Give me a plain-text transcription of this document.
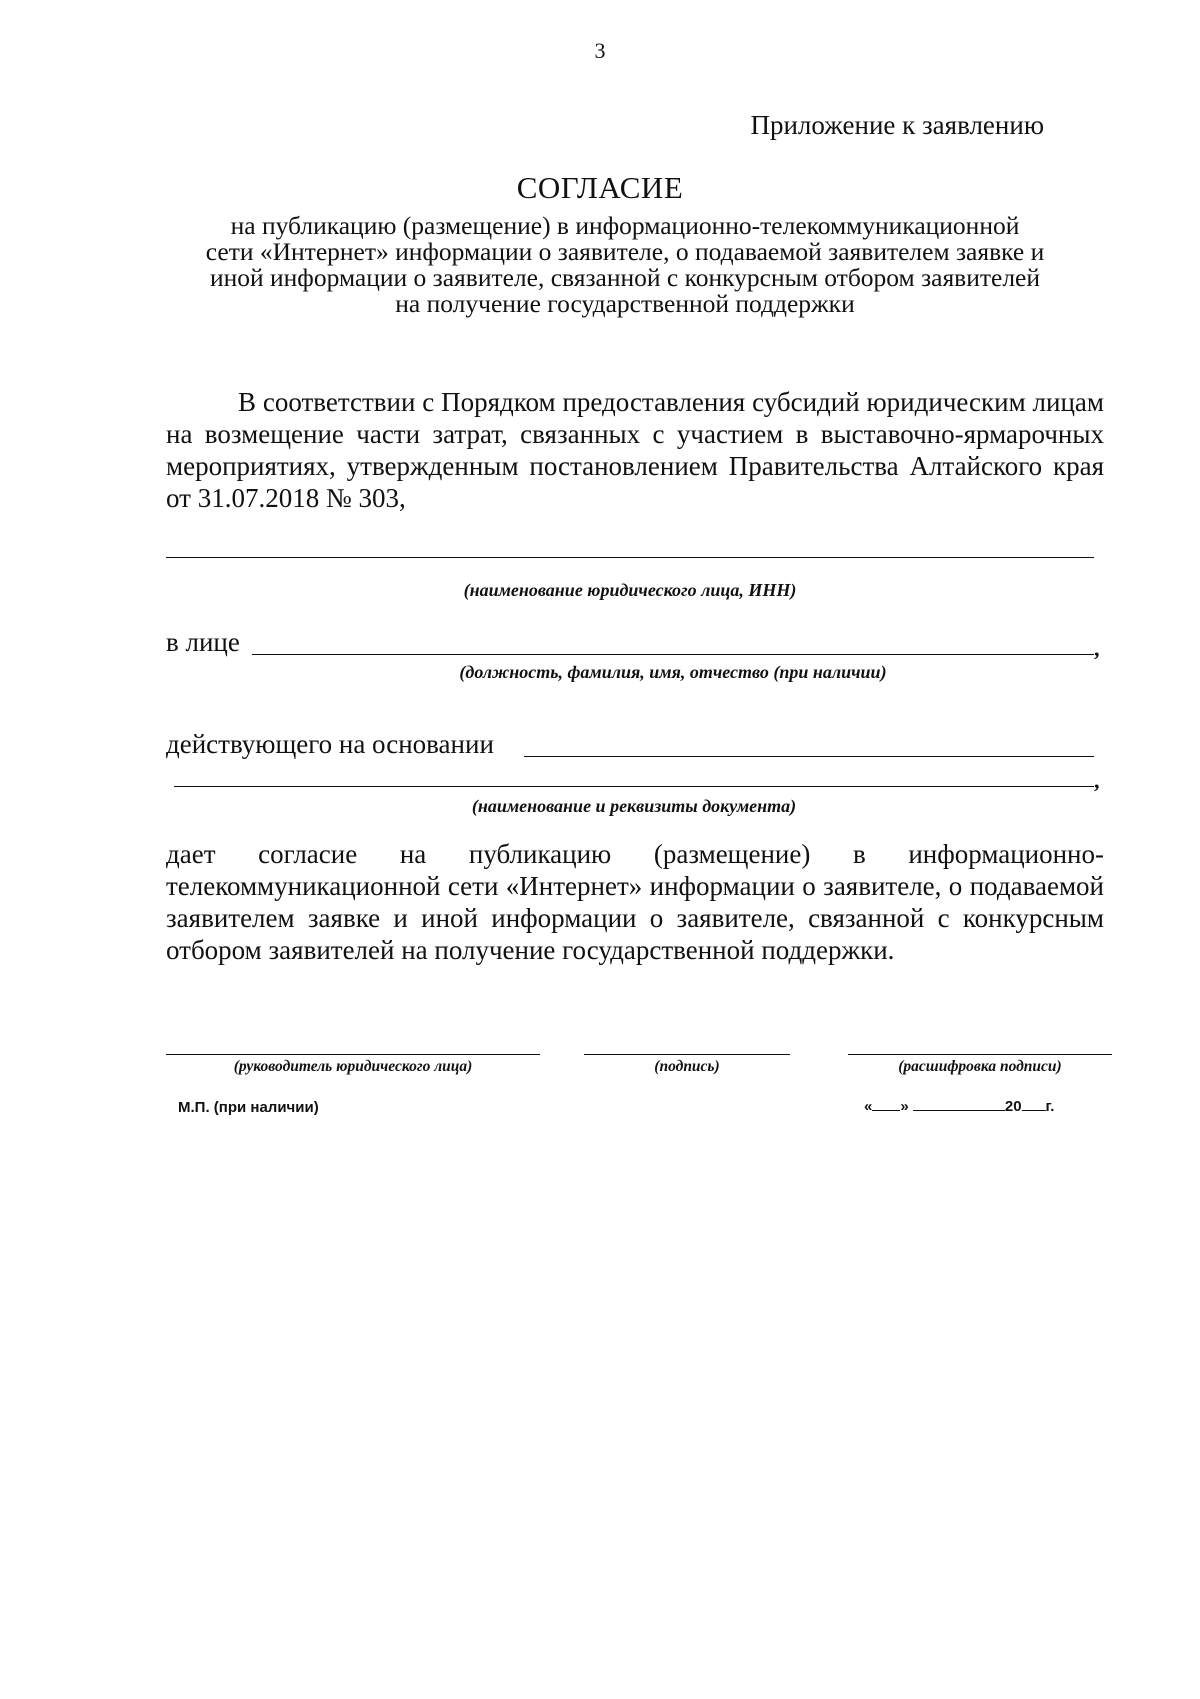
3
Приложение к заявлению
СОГЛАСИЕ
на публикацию (размещение) в информационно-телекоммуникационной
сети «Интернет» информации о заявителе, о подаваемой заявителем заявке и
иной информации о заявителе, связанной с конкурсным отбором заявителей
на получение государственной поддержки
В соответствии с Порядком предоставления субсидий юридическим лицам на возмещение части затрат, связанных с участием в выставочно-ярмарочных мероприятиях, утвержденным постановлением Правительства Алтайского края от 31.07.2018 № 303,
(наименование юридического лица, ИНН)
в лице	,
(должность, фамилия, имя, отчество (при наличии)
действующего на основании
,
(наименование и реквизиты документа)
дает согласие на публикацию (размещение) в информационно-телекоммуникационной сети «Интернет» информации о заявителе, о подаваемой заявителем заявке и иной информации о заявителе, связанной с конкурсным отбором заявителей на получение государственной поддержки.
(руководитель юридического лица)	(подпись)	(расшифровка подписи)
М.П. (при наличии)	« »	20 г.
